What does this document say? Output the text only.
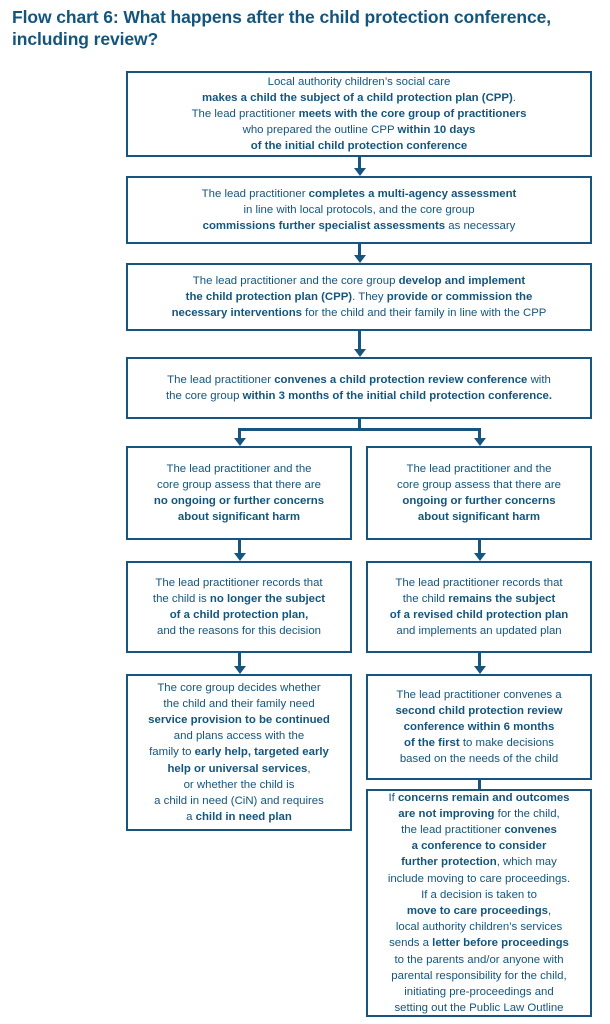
Flow chart 6: What happens after the child protection conference, including review?
Local authority children’s social care
makes a child the subject of a child protection plan (CPP).
The lead practitioner meets with the core group of practitioners
who prepared the outline CPP within 10 days
of the initial child protection conference
The lead practitioner completes a multi-agency assessment
in line with local protocols, and the core group
commissions further specialist assessments as necessary
The lead practitioner and the core group develop and implement
the child protection plan (CPP). They provide or commission the
necessary interventions for the child and their family in line with the CPP
The lead practitioner convenes a child protection review conference with
the core group within 3 months of the initial child protection conference.
The lead practitioner and the
core group assess that there are
no ongoing or further concerns
about significant harm
The lead practitioner and the
core group assess that there are
ongoing or further concerns
about significant harm
The lead practitioner records that
the child is no longer the subject
of a child protection plan,
and the reasons for this decision
The lead practitioner records that
the child remains the subject
of a revised child protection plan
and implements an updated plan
The core group decides whether
the child and their family need
service provision to be continued
and plans access with the
family to early help, targeted early
help or universal services,
or whether the child is
a child in need (CiN) and requires
a child in need plan
The lead practitioner convenes a
second child protection review
conference within 6 months
of the first to make decisions
based on the needs of the child
If concerns remain and outcomes
are not improving for the child,
the lead practitioner convenes
a conference to consider
further protection, which may
include moving to care proceedings.
If a decision is taken to
move to care proceedings,
local authority children’s services
sends a letter before proceedings
to the parents and/or anyone with
parental responsibility for the child,
initiating pre-proceedings and
setting out the Public Law Outline
